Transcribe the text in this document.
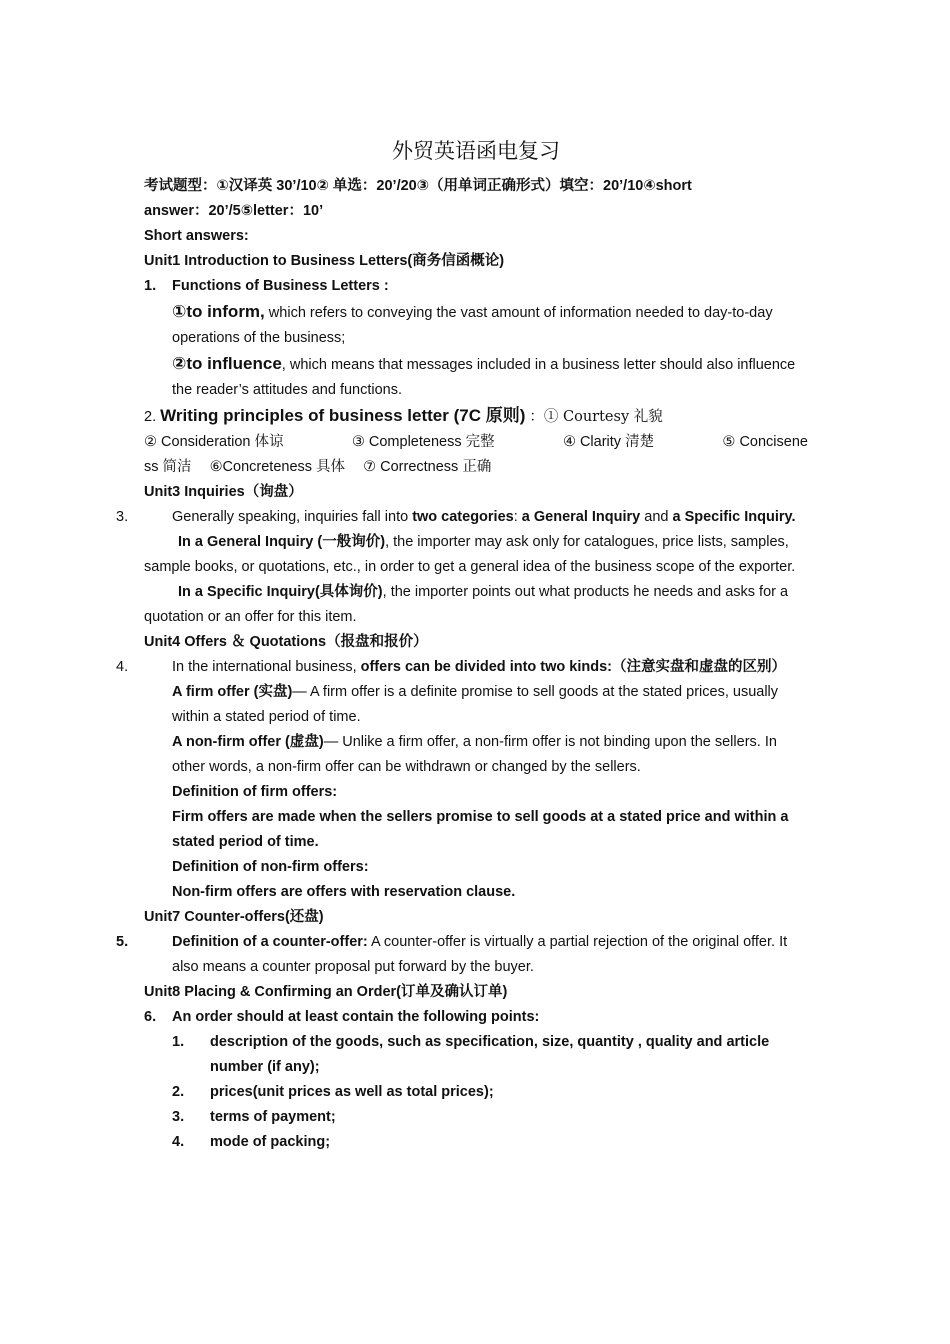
外贸英语函电复习
考试题型：①汉译英 30’/10② 单选：20’/20③（用单词正确形式）填空：20’/10④short
answer：20’/5⑤letter：10’
Short answers:
Unit1 Introduction to Business Letters(商务信函概论)
1. Functions of Business Letters :
①to inform, which refers to conveying the vast amount of information needed to day-to-day operations of the business;
②to influence, which means that messages included in a business letter should also influence the reader’s attitudes and functions.
2. Writing principles of business letter (7C 原则) ：① Courtesy 礼貌
② Consideration 体谅	③ Completeness 完整	④ Clarity 清楚	⑤ Concisene
ss 简洁 ⑥Concreteness 具体 ⑦ Correctness 正确
Unit3 Inquiries（询盘）
3.	Generally speaking, inquiries fall into two categories: a General Inquiry and a Specific Inquiry.
In a General Inquiry (一般询价), the importer may ask only for catalogues, price lists, samples, sample books, or quotations, etc., in order to get a general idea of the business scope of the exporter.
In a Specific Inquiry(具体询价), the importer points out what products he needs and asks for a quotation or an offer for this item.
Unit4 Offers ＆ Quotations（报盘和报价）
4.	In the international business, offers can be divided into two kinds:（注意实盘和虚盘的区别）
A firm offer (实盘)— A firm offer is a definite promise to sell goods at the stated prices, usually within a stated period of time.
A non-firm offer (虚盘)— Unlike a firm offer, a non-firm offer is not binding upon the sellers. In other words, a non-firm offer can be withdrawn or changed by the sellers.
Definition of firm offers:
Firm offers are made when the sellers promise to sell goods at a stated price and within a stated period of time.
Definition of non-firm offers:
Non-firm offers are offers with reservation clause.
Unit7 Counter-offers(还盘)
5.	Definition of a counter-offer: A counter-offer is virtually a partial rejection of the original offer. It also means a counter proposal put forward by the buyer.
Unit8 Placing & Confirming an Order(订单及确认订单)
6. An order should at least contain the following points:
1. description of the goods, such as specification, size, quantity , quality and article number (if any);
2. prices(unit prices as well as total prices);
3. terms of payment;
4. mode of packing;
